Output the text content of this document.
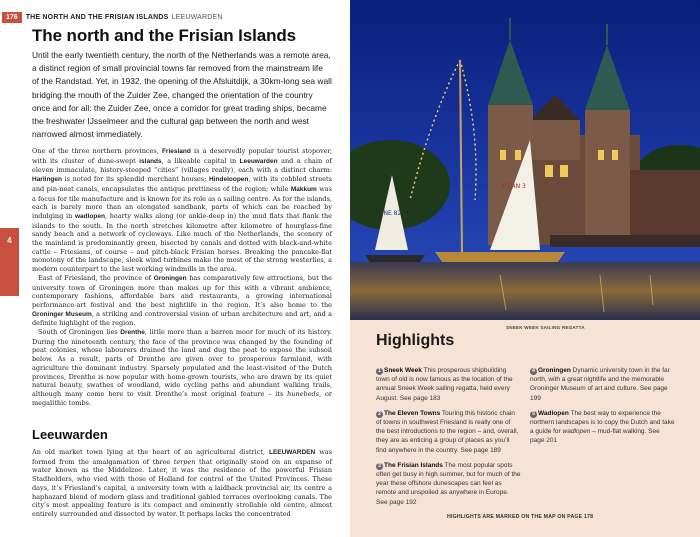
176	THE NORTH AND THE FRISIAN ISLANDS LEEUWARDEN
4
The north and the Frisian Islands

Until the early twentieth century, the north of the Netherlands was a remote area, a distinct region of small provincial towns far removed from the mainstream life of the Randstad. Yet, in 1932, the opening of the Afsluitdijk, a 30km-long sea wall bridging the mouth of the Zuider Zee, changed the orientation of the country once and for all: the Zuider Zee, once a corridor for great trading ships, became the freshwater IJsselmeer and the cultural gap between the north and west narrowed almost immediately.

One of the three northern provinces, Friesland is a deservedly popular tourist stopover, with its cluster of dune-swept islands, a likeable capital in Leeuwarden and a chain of eleven immaculate, history-steeped “cities” (villages really), each with a distinct charm: Harlingen is noted for its splendid merchant houses; Hindeloopen, with its cobbled streets and pin-neat canals, encapsulates the antique prettiness of the region; while Makkum was a focus for tile manufacture and is known for its role as a sailing centre. As for the islands, each is barely more than an elongated sandbank, parts of which can be reached by indulging in wadlopen, hearty walks along (or ankle-deep in) the mud flats that flank the islands to the south. In the north stretches kilometre after kilometre of hourglass-fine sandy beach and a network of cycleways. Like much of the Netherlands, the scenery of the mainland is predominantly green, bisected by canals and dotted with black-and-white cattle – Friesians, of course – and pitch-black Frisian horses. Breaking the pancake-flat monotony of the landscape, sleek wind turbines make the most of the strong westerlies, a modern counterpart to the last working windmills in the area.

East of Friesland, the province of Groningen has comparatively few attractions, but the university town of Groningen more than makes up for this with a vibrant ambience, contemporary fashions, affordable bars and restaurants, a growing international performance-art festival and the best nightlife in the region. It’s also home to the Groninger Museum, a striking and controversial vision of urban architecture and art, and a definite highlight of the region.

South of Groningen lies Drenthe, little more than a barren moor for much of its history. During the nineteenth century, the face of the province was changed by the founding of peat colonies, whose labourers drained the land and dug the peat to expose the subsoil below. As a result, parts of Drenthe are given over to prosperous farmland, with agriculture the dominant industry. Sparsely populated and the least-visited of the Dutch provinces, Drenthe is now popular with home-grown tourists, who are drawn by its quiet natural beauty, swathes of woodland, wide cycling paths and abundant walking trails, although many come here to visit Drenthe’s most original feature – its hunebeds, or megalithic tombs.

Leeuwarden

An old market town lying at the heart of an agricultural district, LEEUWARDEN was formed from the amalgamation of three terpen that originally stood on an expanse of water known as the Middelzee. Later, it was the residence of the powerful Frisian Stadholders, who vied with those of Holland for control of the United Provinces. These days, it’s Friesland’s capital, a university town with a laidback provincial air, its centre a haphazard blend of modern glass and traditional gabled terraces overlooking canals. The city’s most appealing feature is its compact and eminently strollable old centre, almost entirely surrounded and dissected by water. It perhaps lacks the concentrated

FNE 82
F CAN 3
SNEEK WEEK SAILING REGATTA
Highlights
1 Sneek Week This prosperous shipbuilding town of old is now famous as the location of the annual Sneek Week sailing regatta, held every August. See page 183
2 The Eleven Towns Touring this historic chain of towns in southwest Friesland is really one of the best introductions to the region – and, overall, they are as enticing a group of places as you’ll find anywhere in the country. See page 189
3 The Frisian Islands The most popular spots often get busy in high summer, but for much of the year these offshore dunescapes can feel as remote and unspoiled as anywhere in Europe. See page 192
4 Groningen Dynamic university town in the far north, with a great nightlife and the memorable Groninger Museum of art and culture. See page 199
5 Wadlopen The best way to experience the northern landscapes is to copy the Dutch and take a guide for wadlopen – mud-flat walking. See page 201
HIGHLIGHTS ARE MARKED ON THE MAP ON PAGE 178
